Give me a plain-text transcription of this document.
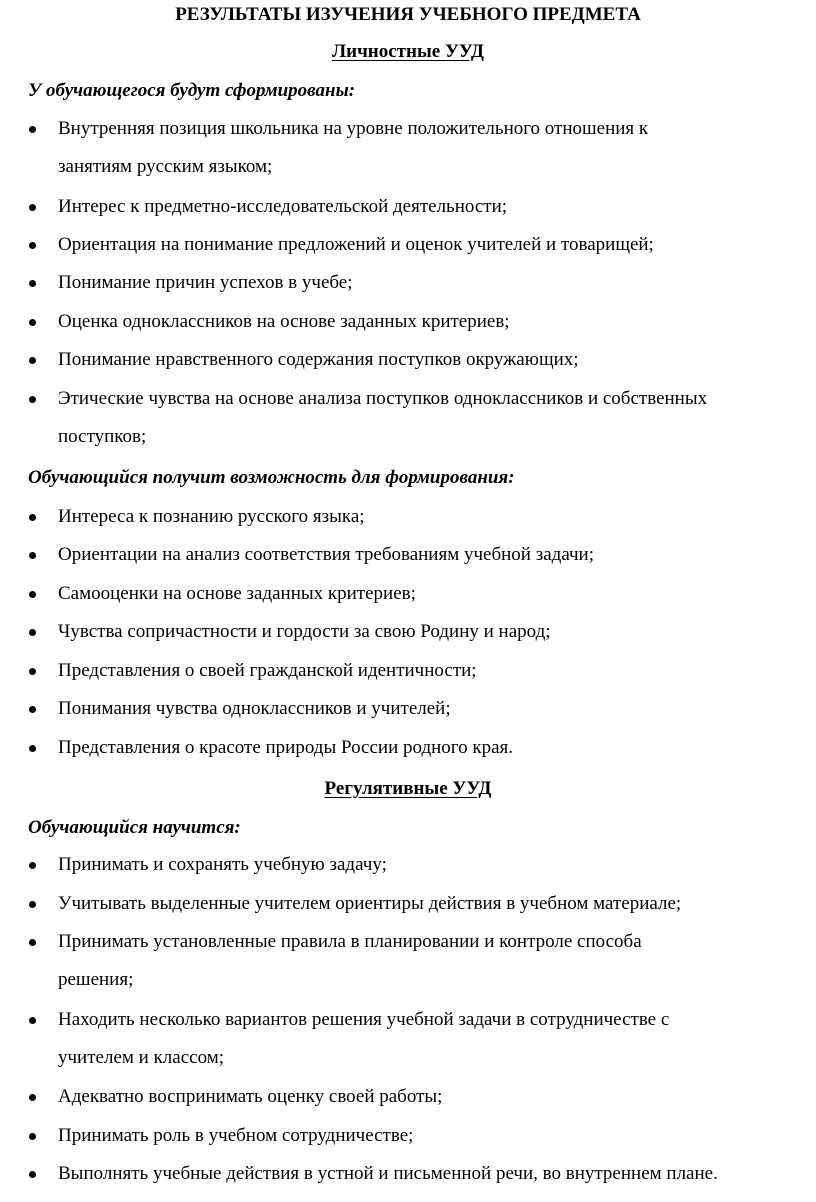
РЕЗУЛЬТАТЫ ИЗУЧЕНИЯ УЧЕБНОГО ПРЕДМЕТА
Личностные УУД
У обучающегося будут сформированы:
Внутренняя позиция школьника на уровне положительного отношения к
занятиям русским языком;
Интерес к предметно-исследовательской деятельности;
Ориентация на понимание предложений и оценок учителей и товарищей;
Понимание причин успехов в учебе;
Оценка одноклассников на основе заданных критериев;
Понимание нравственного содержания поступков окружающих;
Этические чувства на основе анализа поступков одноклассников и собственных
поступков;
Обучающийся получит возможность для формирования:
Интереса к познанию русского языка;
Ориентации на анализ соответствия требованиям учебной задачи;
Самооценки на основе заданных критериев;
Чувства сопричастности и гордости за свою Родину и народ;
Представления о своей гражданской идентичности;
Понимания чувства одноклассников и учителей;
Представления о красоте природы России родного края.
Регулятивные УУД
Обучающийся научится:
Принимать и сохранять учебную задачу;
Учитывать выделенные учителем ориентиры действия в учебном материале;
Принимать установленные правила в планировании и контроле способа
решения;
Находить несколько вариантов решения учебной задачи в сотрудничестве с
учителем и классом;
Адекватно воспринимать оценку своей работы;
Принимать роль в учебном сотрудничестве;
Выполнять учебные действия в устной и письменной речи, во внутреннем плане.
